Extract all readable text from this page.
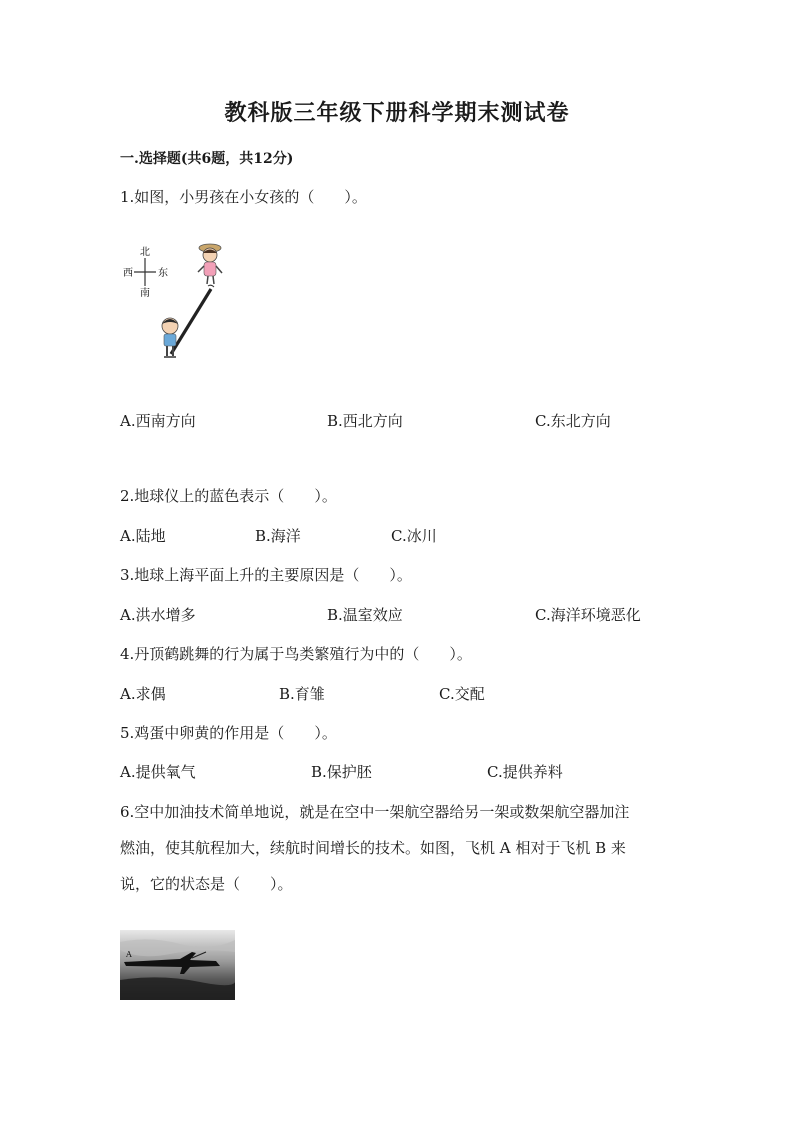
教科版三年级下册科学期末测试卷
一.选择题(共6题，共12分)
1.如图，小男孩在小女孩的（　　）。
北
南
西	东
A.西南方向	B.西北方向	C.东北方向
2.地球仪上的蓝色表示（　　）。
A.陆地	B.海洋	C.冰川
3.地球上海平面上升的主要原因是（　　）。
A.洪水增多	B.温室效应	C.海洋环境恶化
4.丹顶鹤跳舞的行为属于鸟类繁殖行为中的（　　）。
A.求偶	B.育雏	C.交配
5.鸡蛋中卵黄的作用是（　　）。
A.提供氧气	B.保护胚	C.提供养料
6.空中加油技术简单地说，就是在空中一架航空器给另一架或数架航空器加注
燃油，使其航程加大，续航时间增长的技术。如图，飞机 A 相对于飞机 B 来
说，它的状态是（　　）。
A
